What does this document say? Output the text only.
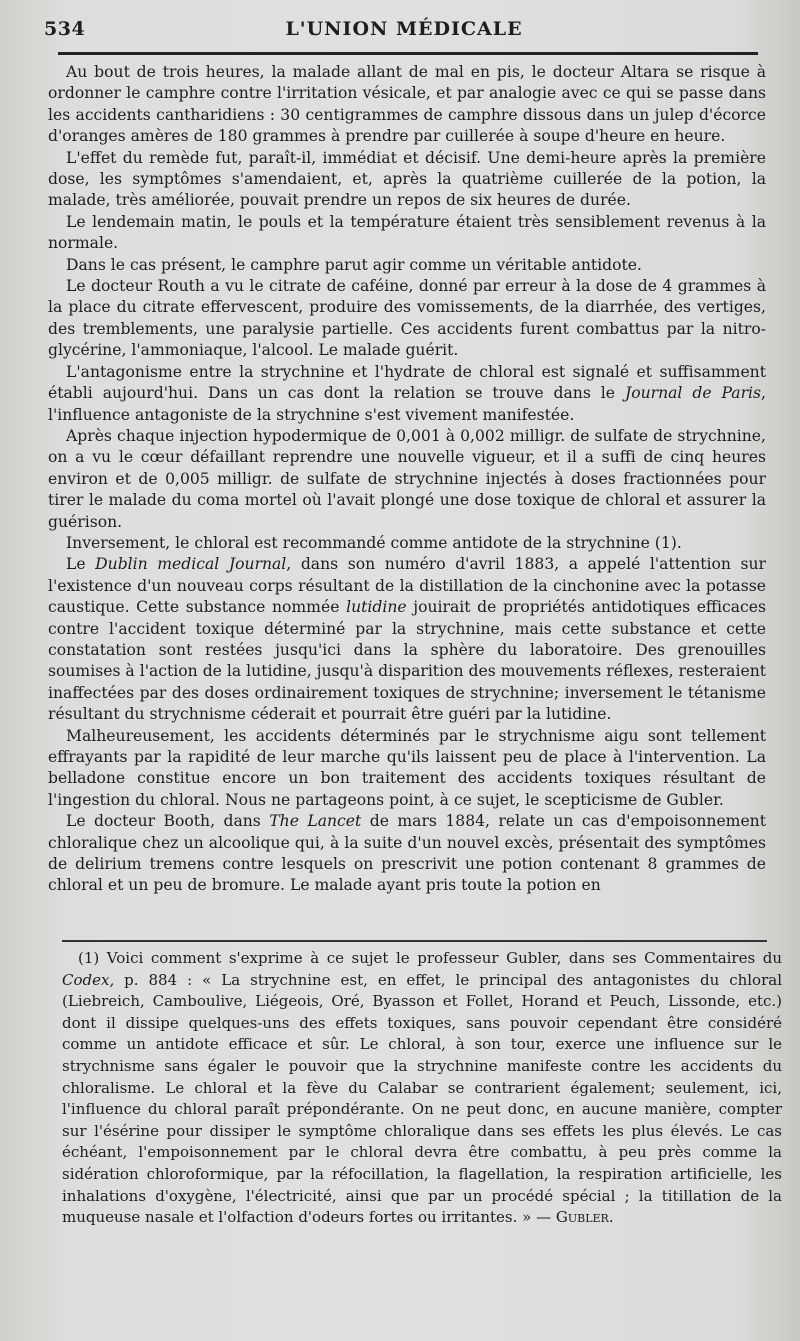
534	L'UNION MÉDICALE

Au bout de trois heures, la malade allant de mal en pis, le docteur Altara se risque à ordonner le camphre contre l'irritation vésicale, et par analogie avec ce qui se passe dans les accidents cantharidiens : 30 centigrammes de camphre dissous dans un julep d'écorce d'oranges amères de 180 grammes à prendre par cuillerée à soupe d'heure en heure.

L'effet du remède fut, paraît-il, immédiat et décisif. Une demi-heure après la première dose, les symptômes s'amendaient, et, après la quatrième cuillerée de la potion, la malade, très améliorée, pouvait prendre un repos de six heures de durée.

Le lendemain matin, le pouls et la température étaient très sensiblement revenus à la normale.

Dans le cas présent, le camphre parut agir comme un véritable antidote.

Le docteur Routh a vu le citrate de caféine, donné par erreur à la dose de 4 grammes à la place du citrate effervescent, produire des vomissements, de la diarrhée, des vertiges, des tremblements, une paralysie partielle. Ces accidents furent combattus par la nitro-glycérine, l'ammoniaque, l'alcool. Le malade guérit.

L'antagonisme entre la strychnine et l'hydrate de chloral est signalé et suffisamment établi aujourd'hui. Dans un cas dont la relation se trouve dans le Journal de Paris, l'influence antagoniste de la strychnine s'est vivement manifestée.

Après chaque injection hypodermique de 0,001 à 0,002 milligr. de sulfate de strychnine, on a vu le cœur défaillant reprendre une nouvelle vigueur, et il a suffi de cinq heures environ et de 0,005 milligr. de sulfate de strychnine injectés à doses fractionnées pour tirer le malade du coma mortel où l'avait plongé une dose toxique de chloral et assurer la guérison.

Inversement, le chloral est recommandé comme antidote de la strychnine (1).

Le Dublin medical Journal, dans son numéro d'avril 1883, a appelé l'attention sur l'existence d'un nouveau corps résultant de la distillation de la cinchonine avec la potasse caustique. Cette substance nommée lutidine jouirait de propriétés antidotiques efficaces contre l'accident toxique déterminé par la strychnine, mais cette substance et cette constatation sont restées jusqu'ici dans la sphère du laboratoire. Des grenouilles soumises à l'action de la lutidine, jusqu'à disparition des mouvements réflexes, resteraient inaffectées par des doses ordinairement toxiques de strychnine; inversement le tétanisme résultant du strychnisme céderait et pourrait être guéri par la lutidine.

Malheureusement, les accidents déterminés par le strychnisme aigu sont tellement effrayants par la rapidité de leur marche qu'ils laissent peu de place à l'intervention. La belladone constitue encore un bon traitement des accidents toxiques résultant de l'ingestion du chloral. Nous ne partageons point, à ce sujet, le scepticisme de Gubler.

Le docteur Booth, dans The Lancet de mars 1884, relate un cas d'empoisonnement chloralique chez un alcoolique qui, à la suite d'un nouvel excès, présentait des symptômes de delirium tremens contre lesquels on prescrivit une potion contenant 8 grammes de chloral et un peu de bromure. Le malade ayant pris toute la potion en

(1) Voici comment s'exprime à ce sujet le professeur Gubler, dans ses Commentaires du Codex, p. 884 : « La strychnine est, en effet, le principal des antagonistes du chloral (Liebreich, Camboulive, Liégeois, Oré, Byasson et Follet, Horand et Peuch, Lissonde, etc.) dont il dissipe quelques-uns des effets toxiques, sans pouvoir cependant être considéré comme un antidote efficace et sûr. Le chloral, à son tour, exerce une influence sur le strychnisme sans égaler le pouvoir que la strychnine manifeste contre les accidents du chloralisme. Le chloral et la fève du Calabar se contrarient également; seulement, ici, l'influence du chloral paraît prépondérante. On ne peut donc, en aucune manière, compter sur l'ésérine pour dissiper le symptôme chloralique dans ses effets les plus élevés. Le cas échéant, l'empoisonnement par le chloral devra être combattu, à peu près comme la sidération chloroformique, par la réfocillation, la flagellation, la respiration artificielle, les inhalations d'oxygène, l'électricité, ainsi que par un procédé spécial ; la titillation de la muqueuse nasale et l'olfaction d'odeurs fortes ou irritantes. » — Gubler.
